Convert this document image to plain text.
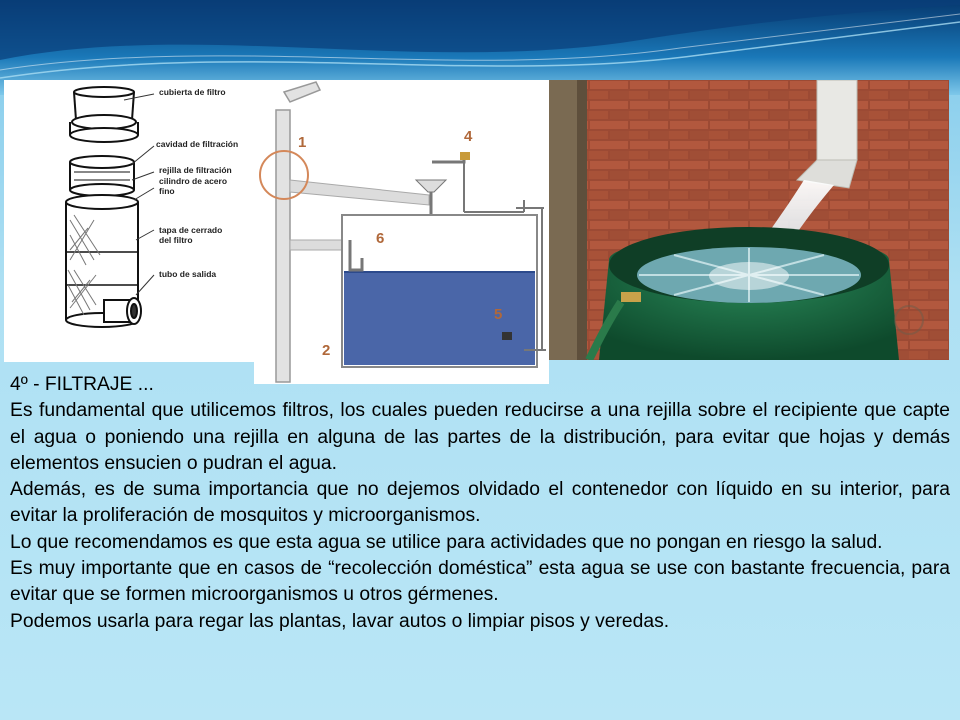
cubierta de filtro
cavidad de filtración
rejilla de filtración
cilindro de acero
fino
tapa de cerrado
del filtro
tubo de salida
1
2
4
5
6

4º - FILTRAJE ...

Es fundamental que utilicemos filtros, los cuales pueden reducirse a una rejilla sobre el recipiente que capte el agua o poniendo una rejilla en alguna de las partes de la distribución, para evitar que hojas y demás elementos ensucien o pudran el agua.

Además, es de suma importancia que no dejemos olvidado el contenedor con líquido en su interior, para evitar la proliferación de mosquitos y microorganismos.

Lo que recomendamos es que esta agua se utilice para actividades que no pongan en riesgo la salud.

Es muy importante que en casos de “recolección doméstica” esta agua se use con bastante frecuencia, para evitar que se formen microorganismos u otros gérmenes.

Podemos usarla para regar las plantas, lavar autos o limpiar pisos y veredas.
